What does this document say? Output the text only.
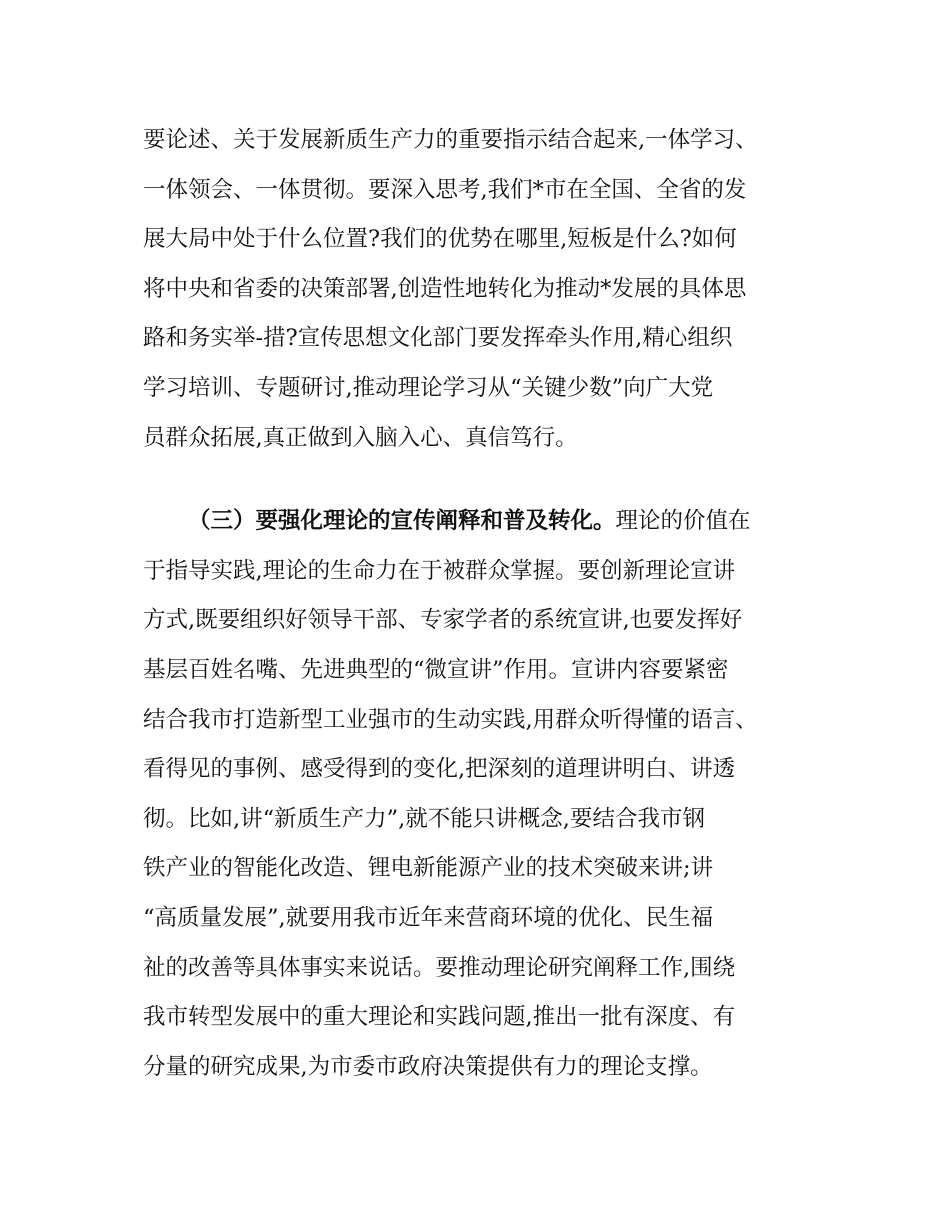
要论述、关于发展新质生产力的重要指示结合起来,一体学习、
一体领会、一体贯彻。要深入思考,我们*市在全国、全省的发
展大局中处于什么位置?我们的优势在哪里,短板是什么?如何
将中央和省委的决策部署,创造性地转化为推动*发展的具体思
路和务实举-措?宣传思想文化部门要发挥牵头作用,精心组织
学习培训、专题研讨,推动理论学习从“关键少数”向广大党
员群众拓展,真正做到入脑入心、真信笃行。
（三）要强化理论的宣传阐释和普及转化。理论的价值在
于指导实践,理论的生命力在于被群众掌握。要创新理论宣讲
方式,既要组织好领导干部、专家学者的系统宣讲,也要发挥好
基层百姓名嘴、先进典型的“微宣讲”作用。宣讲内容要紧密
结合我市打造新型工业强市的生动实践,用群众听得懂的语言、
看得见的事例、感受得到的变化,把深刻的道理讲明白、讲透
彻。比如,讲“新质生产力”,就不能只讲概念,要结合我市钢
铁产业的智能化改造、锂电新能源产业的技术突破来讲;讲
“高质量发展”,就要用我市近年来营商环境的优化、民生福
祉的改善等具体事实来说话。要推动理论研究阐释工作,围绕
我市转型发展中的重大理论和实践问题,推出一批有深度、有
分量的研究成果,为市委市政府决策提供有力的理论支撑。
